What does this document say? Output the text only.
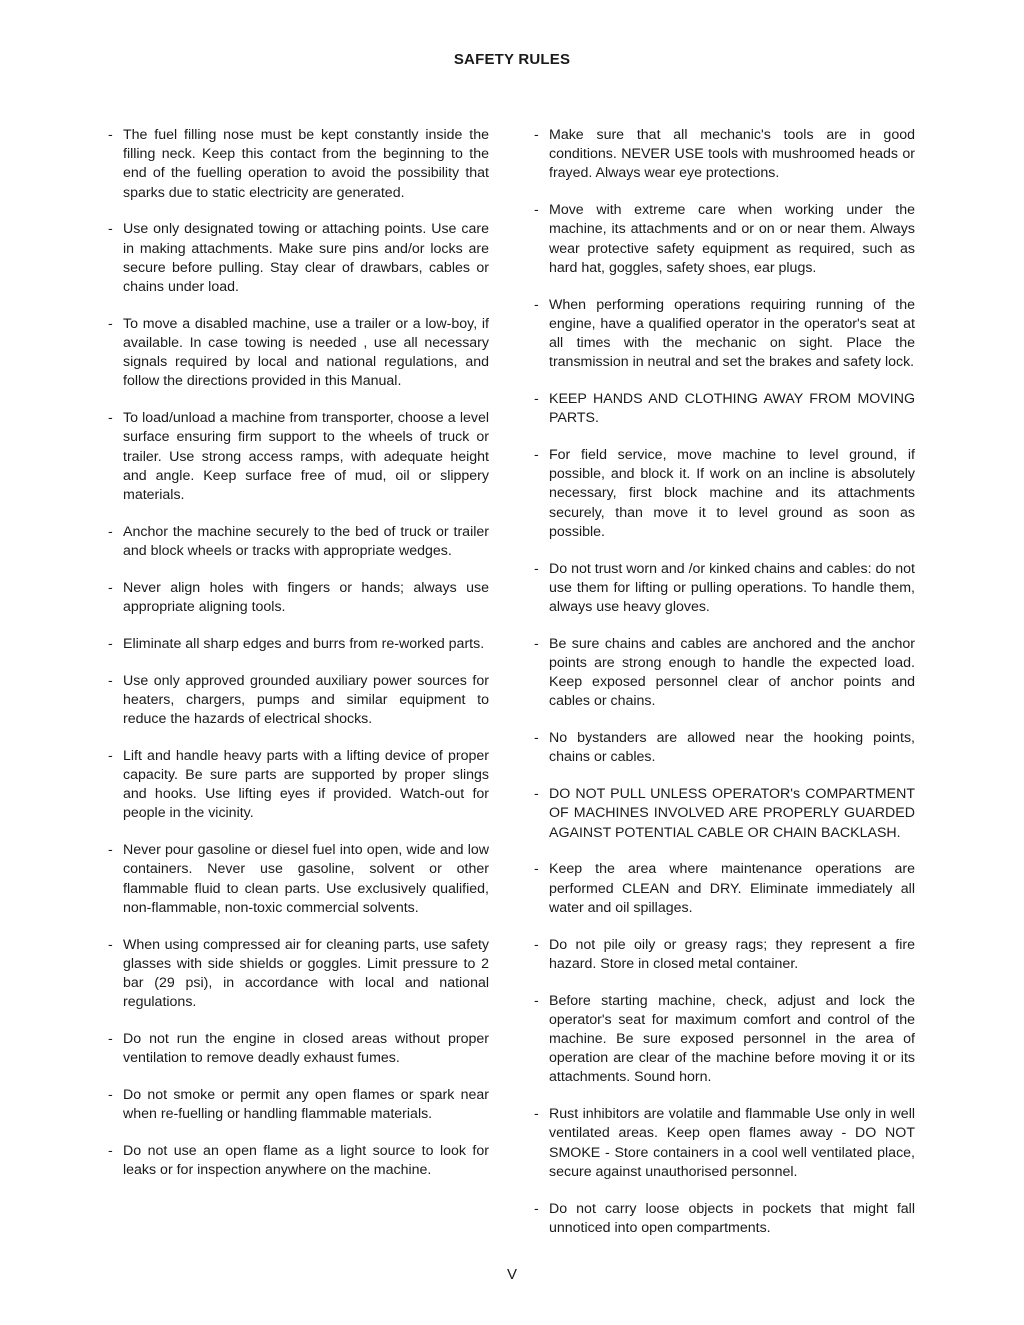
SAFETY RULES
- The fuel filling nose must be kept constantly inside the filling neck. Keep this contact from the beginning to the end of the fuelling operation to avoid the possibility that sparks due to static electricity are generated.
- Use only designated towing or attaching points. Use care in making attachments. Make sure pins and/or locks are secure before pulling. Stay clear of drawbars, cables or chains under load.
- To move a disabled machine, use a trailer or a low-boy, if available. In case towing is needed , use all necessary signals required by local and national regulations, and follow the directions provided in this Manual.
- To load/unload a machine from transporter, choose a level surface ensuring firm support to the wheels of truck or trailer. Use strong access ramps, with adequate height and angle. Keep surface free of mud, oil or slippery materials.
- Anchor the machine securely to the bed of truck or trailer and block wheels or tracks with appropriate wedges.
- Never align holes with fingers or hands; always use appropriate aligning tools.
- Eliminate all sharp edges and burrs from re-worked parts.
- Use only approved grounded auxiliary power sources for heaters, chargers, pumps and similar equipment to reduce the hazards of electrical shocks.
- Lift and handle heavy parts with a lifting device of proper capacity. Be sure parts are supported by proper slings and hooks. Use lifting eyes if provided. Watch-out for people in the vicinity.
- Never pour gasoline or diesel fuel into open, wide and low containers. Never use gasoline, solvent or other flammable fluid to clean parts. Use exclusively qualified, non-flammable, non-toxic commercial solvents.
- When using compressed air for cleaning parts, use safety glasses with side shields or goggles. Limit pressure to 2 bar (29 psi), in accordance with local and national regulations.
- Do not run the engine in closed areas without proper ventilation to remove deadly exhaust fumes.
- Do not smoke or permit any open flames or spark near when re-fuelling or handling flammable materials.
- Do not use an open flame as a light source to look for leaks or for inspection anywhere on the machine.
- Make sure that all mechanic's tools are in good conditions. NEVER USE tools with mushroomed heads or frayed. Always wear eye protections.
- Move with extreme care when working under the machine, its attachments and or on or near them. Always wear protective safety equipment as required, such as hard hat, goggles, safety shoes, ear plugs.
- When performing operations requiring running of the engine, have a qualified operator in the operator's seat at all times with the mechanic on sight. Place the transmission in neutral and set the brakes and safety lock.
- KEEP HANDS AND CLOTHING AWAY FROM MOVING PARTS.
- For field service, move machine to level ground, if possible, and block it. If work on an incline is absolutely necessary, first block machine and its attachments securely, than move it to level ground as soon as possible.
- Do not trust worn and /or kinked chains and cables: do not use them for lifting or pulling operations. To handle them, always use heavy gloves.
- Be sure chains and cables are anchored and the anchor points are strong enough to handle the expected load. Keep exposed personnel clear of anchor points and cables or chains.
- No bystanders are allowed near the hooking points, chains or cables.
- DO NOT PULL UNLESS OPERATOR's COMPARTMENT OF MACHINES INVOLVED ARE PROPERLY GUARDED AGAINST POTENTIAL CABLE OR CHAIN BACKLASH.
- Keep the area where maintenance operations are performed CLEAN and DRY. Eliminate immediately all water and oil spillages.
- Do not pile oily or greasy rags; they represent a fire hazard. Store in closed metal container.
- Before starting machine, check, adjust and lock the operator's seat for maximum comfort and control of the machine. Be sure exposed personnel in the area of operation are clear of the machine before moving it or its attachments. Sound horn.
- Rust inhibitors are volatile and flammable Use only in well ventilated areas. Keep open flames away - DO NOT SMOKE - Store containers in a cool well ventilated place, secure against unauthorised personnel.
- Do not carry loose objects in pockets that might fall unnoticed into open compartments.
V
